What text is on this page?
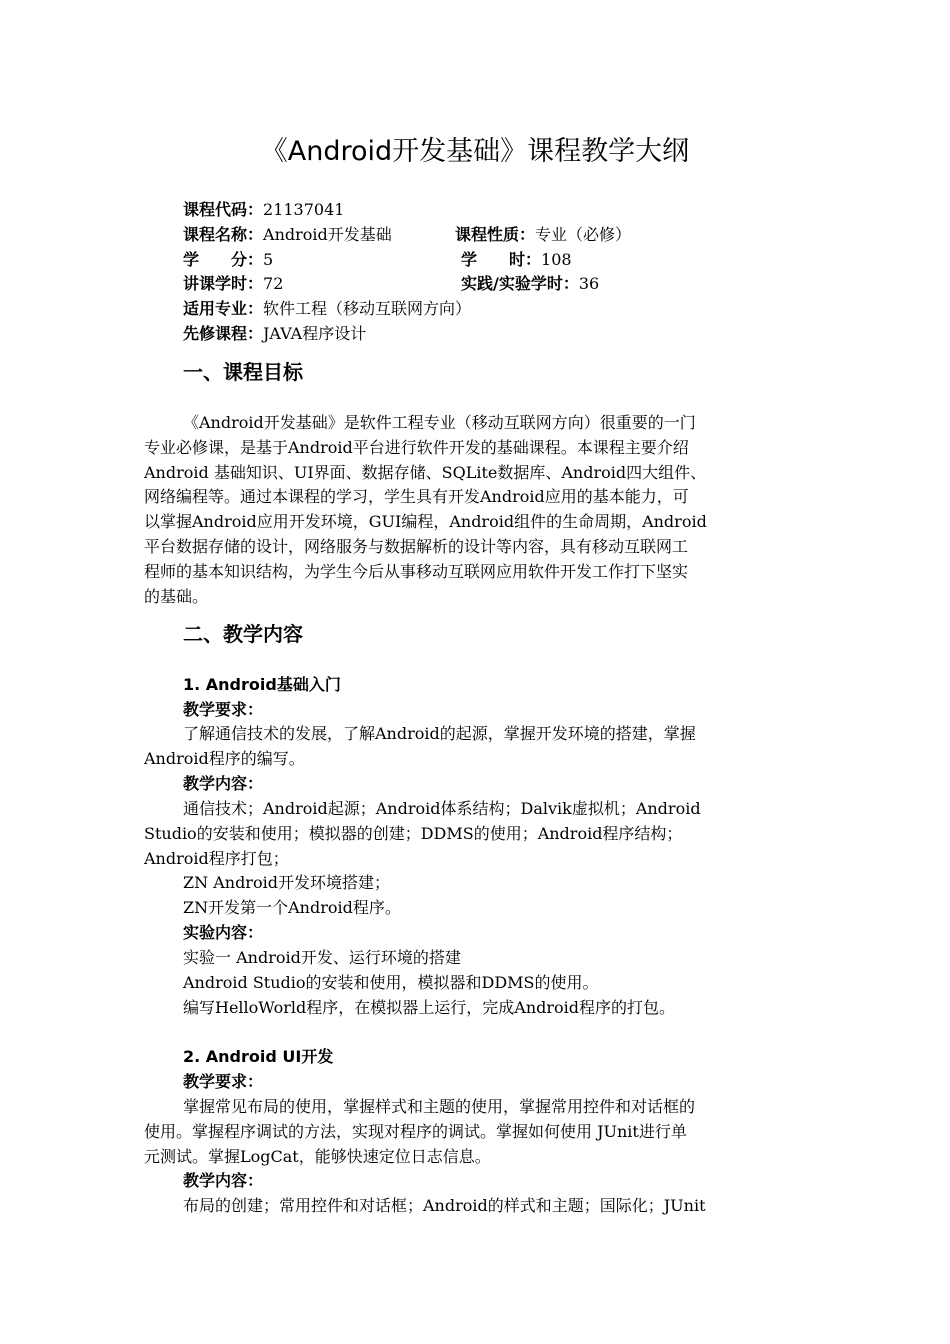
《Android开发基础》课程教学大纲
课程代码：21137041
课程名称：Android开发基础	课程性质：专业（必修）
学　　分：5	学　　时：108
讲课学时：72	实践/实验学时：36
适用专业：软件工程（移动互联网方向）
先修课程：JAVA程序设计
一、课程目标
《Android开发基础》是软件工程专业（移动互联网方向）很重要的一门
专业必修课，是基于Android平台进行软件开发的基础课程。本课程主要介绍
Android 基础知识、UI界面、数据存储、SQLite数据库、Android四大组件、
网络编程等。通过本课程的学习，学生具有开发Android应用的基本能力，可
以掌握Android应用开发环境，GUI编程，Android组件的生命周期，Android
平台数据存储的设计，网络服务与数据解析的设计等内容，具有移动互联网工
程师的基本知识结构，为学生今后从事移动互联网应用软件开发工作打下坚实
的基础。
二、教学内容
1. Android基础入门
教学要求：
了解通信技术的发展，了解Android的起源，掌握开发环境的搭建，掌握
Android程序的编写。
教学内容：
通信技术；Android起源；Android体系结构；Dalvik虚拟机；Android
Studio的安装和使用；模拟器的创建；DDMS的使用；Android程序结构；
Android程序打包；
ZN Android开发环境搭建；
ZN开发第一个Android程序。
实验内容：
实验一 Android开发、运行环境的搭建
Android Studio的安装和使用，模拟器和DDMS的使用。
编写HelloWorld程序，在模拟器上运行，完成Android程序的打包。
2. Android UI开发
教学要求：
掌握常见布局的使用，掌握样式和主题的使用，掌握常用控件和对话框的
使用。掌握程序调试的方法，实现对程序的调试。掌握如何使用 JUnit进行单
元测试。掌握LogCat，能够快速定位日志信息。
教学内容：
布局的创建；常用控件和对话框；Android的样式和主题；国际化；JUnit
